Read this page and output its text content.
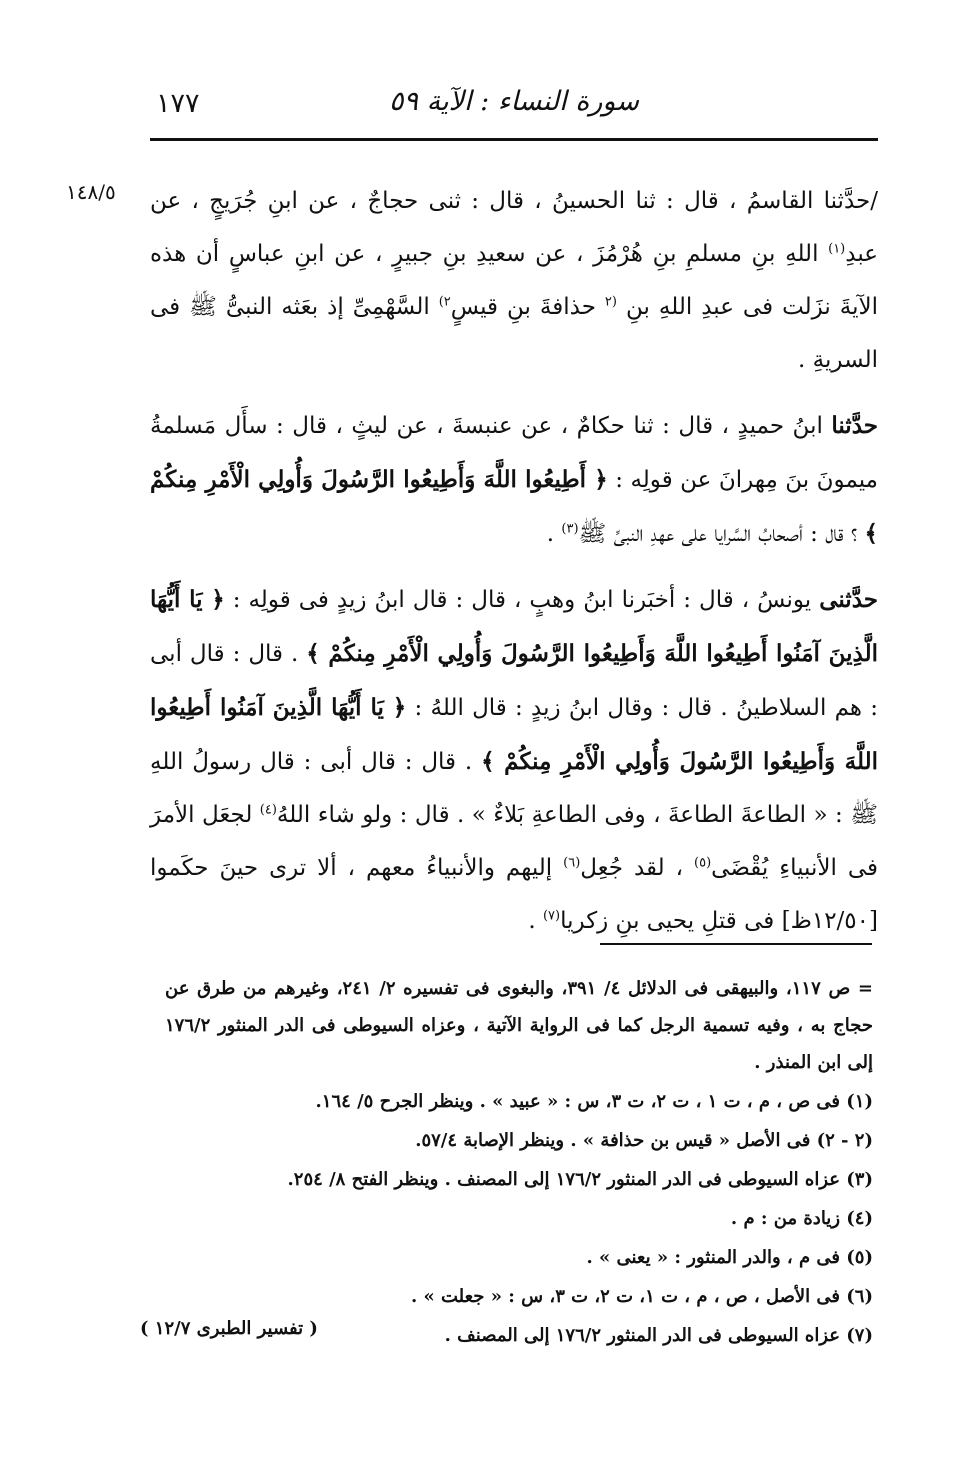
سورة النساء : الآية ٥٩
١٧٧
١٤٨/٥ /حدَّثنا القاسمُ ، قال : ثنا الحسينُ ، قال : ثنى حجاجٌ ، عن ابنِ جُرَيجٍ ، عن عبدِ$^{(١)}$ اللهِ بنِ مسلمِ بنِ هُرْمُزَ ، عن سعيدِ بنِ جبيرٍ ، عن ابنِ عباسٍ أن هذه الآيةَ نزَلت فى عبدِ اللهِ بنِ $^{(٢}$ حذافةَ بنِ قيسٍ$^{٢)}$ السَّهْمِىِّ إذ بعَثه النبىُّ ﷺ فى السريةِ .

حدَّثنا ابنُ حميدٍ ، قال : ثنا حكامٌ ، عن عنبسةَ ، عن ليثٍ ، قال : سأَل مَسلمةُ ميمونَ بنَ مِهرانَ عن قولِه : ﴿ أَطِيعُوا اللَّهَ وَأَطِيعُوا الرَّسُولَ وَأُولِي الْأَمْرِ مِنكُمْ ﴾ ؟ قال : أصحابُ السَّرايا على عهدِ النبىِّ ﷺ$^{(٣)}$ .

حدَّثنى يونسُ ، قال : أخبَرنا ابنُ وهبٍ ، قال : قال ابنُ زيدٍ فى قولِه : ﴿ يَا أَيُّهَا الَّذِينَ آمَنُوا أَطِيعُوا اللَّهَ وَأَطِيعُوا الرَّسُولَ وَأُولِي الْأَمْرِ مِنكُمْ ﴾ . قال : قال أبى : هم السلاطينُ . قال : وقال ابنُ زيدٍ : قال اللهُ : ﴿ يَا أَيُّهَا الَّذِينَ آمَنُوا أَطِيعُوا اللَّهَ وَأَطِيعُوا الرَّسُولَ وَأُولِي الْأَمْرِ مِنكُمْ ﴾ . قال : قال أبى : قال رسولُ اللهِ ﷺ : « الطاعةَ الطاعةَ ، وفى الطاعةِ بَلاءٌ » . قال : ولو شاء اللهُ$^{(٤)}$ لجعَل الأمرَ فى الأنبياءِ يُقْضَى$^{(٥)}$ ، لقد جُعِل$^{(٦)}$ إليهم والأنبياءُ معهم ، ألا ترى حينَ حكَموا [١٢/٥٠ظ] فى قتلِ يحيى بنِ زكريا$^{(٧)}$ .

= ص ١١٧، والبيهقى فى الدلائل ٤/ ٣٩١، والبغوى فى تفسيره ٢/ ٢٤١، وغيرهم من طرق عن حجاج به ، وفيه تسمية الرجل كما فى الرواية الآتية ، وعزاه السيوطى فى الدر المنثور ١٧٦/٢ إلى ابن المنذر .

(١) فى ص ، م ، ت ١ ، ت ٢، ت ٣، س : « عبيد » . وينظر الجرح ٥/ ١٦٤.

(٢ - ٢) فى الأصل « قيس بن حذافة » . وينظر الإصابة ٥٧/٤.

(٣) عزاه السيوطى فى الدر المنثور ١٧٦/٢ إلى المصنف . وينظر الفتح ٨/ ٢٥٤.

(٤) زيادة من : م .

(٥) فى م ، والدر المنثور : « يعنى » .

(٦) فى الأصل ، ص ، م ، ت ١، ت ٢، ت ٣، س : « جعلت » .

(٧) عزاه السيوطى فى الدر المنثور ١٧٦/٢ إلى المصنف .

( تفسير الطبرى ١٢/٧ )
